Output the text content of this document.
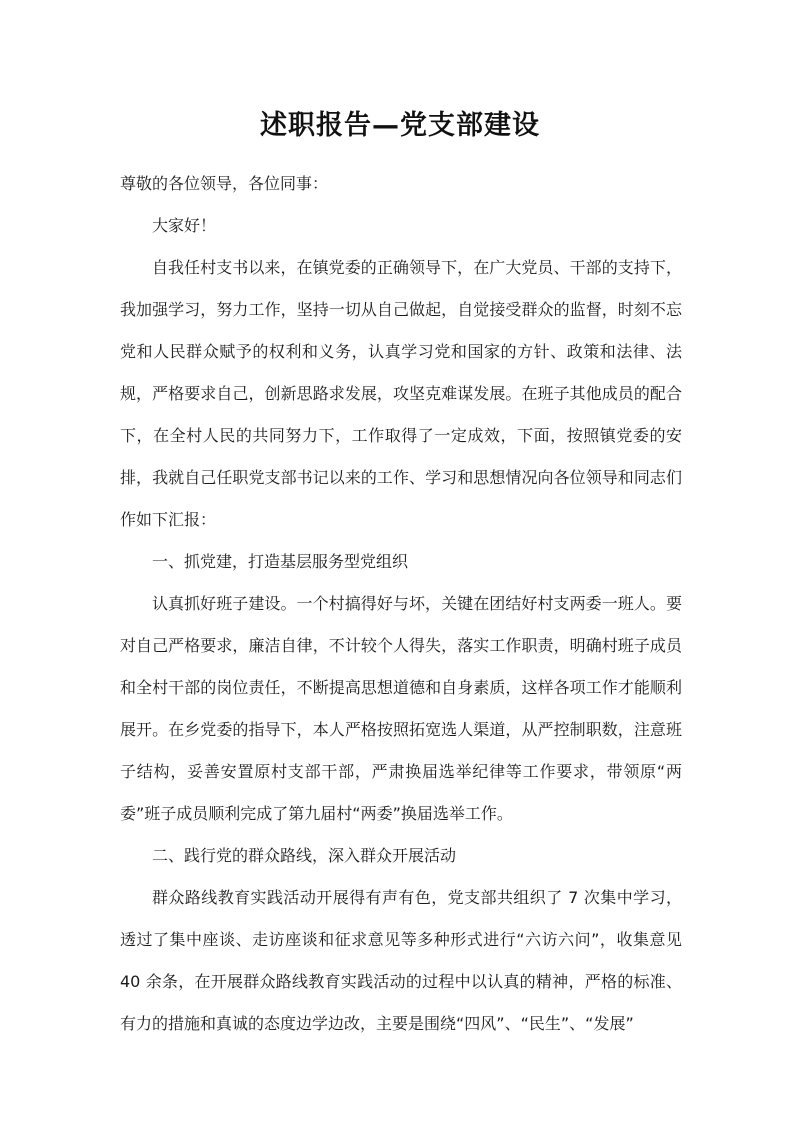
述职报告—党支部建设

尊敬的各位领导，各位同事：

大家好！

自我任村支书以来，在镇党委的正确领导下，在广大党员、干部的支持下，我加强学习，努力工作，坚持一切从自己做起，自觉接受群众的监督，时刻不忘党和人民群众赋予的权利和义务，认真学习党和国家的方针、政策和法律、法规，严格要求自己，创新思路求发展，攻坚克难谋发展。在班子其他成员的配合下，在全村人民的共同努力下，工作取得了一定成效，下面，按照镇党委的安排，我就自己任职党支部书记以来的工作、学习和思想情况向各位领导和同志们作如下汇报：

一、抓党建，打造基层服务型党组织

认真抓好班子建设。一个村搞得好与坏，关键在团结好村支两委一班人。要对自己严格要求，廉洁自律，不计较个人得失，落实工作职责，明确村班子成员和全村干部的岗位责任，不断提高思想道德和自身素质，这样各项工作才能顺利展开。在乡党委的指导下，本人严格按照拓宽选人渠道，从严控制职数，注意班子结构，妥善安置原村支部干部，严肃换届选举纪律等工作要求，带领原“两委”班子成员顺利完成了第九届村“两委”换届选举工作。

二、践行党的群众路线，深入群众开展活动

群众路线教育实践活动开展得有声有色，党支部共组织了 7 次集中学习，透过了集中座谈、走访座谈和征求意见等多种形式进行“六访六问”，收集意见 40 余条，在开展群众路线教育实践活动的过程中以认真的精神，严格的标准、有力的措施和真诚的态度边学边改，主要是围绕“四风”、“民生”、“发展”
